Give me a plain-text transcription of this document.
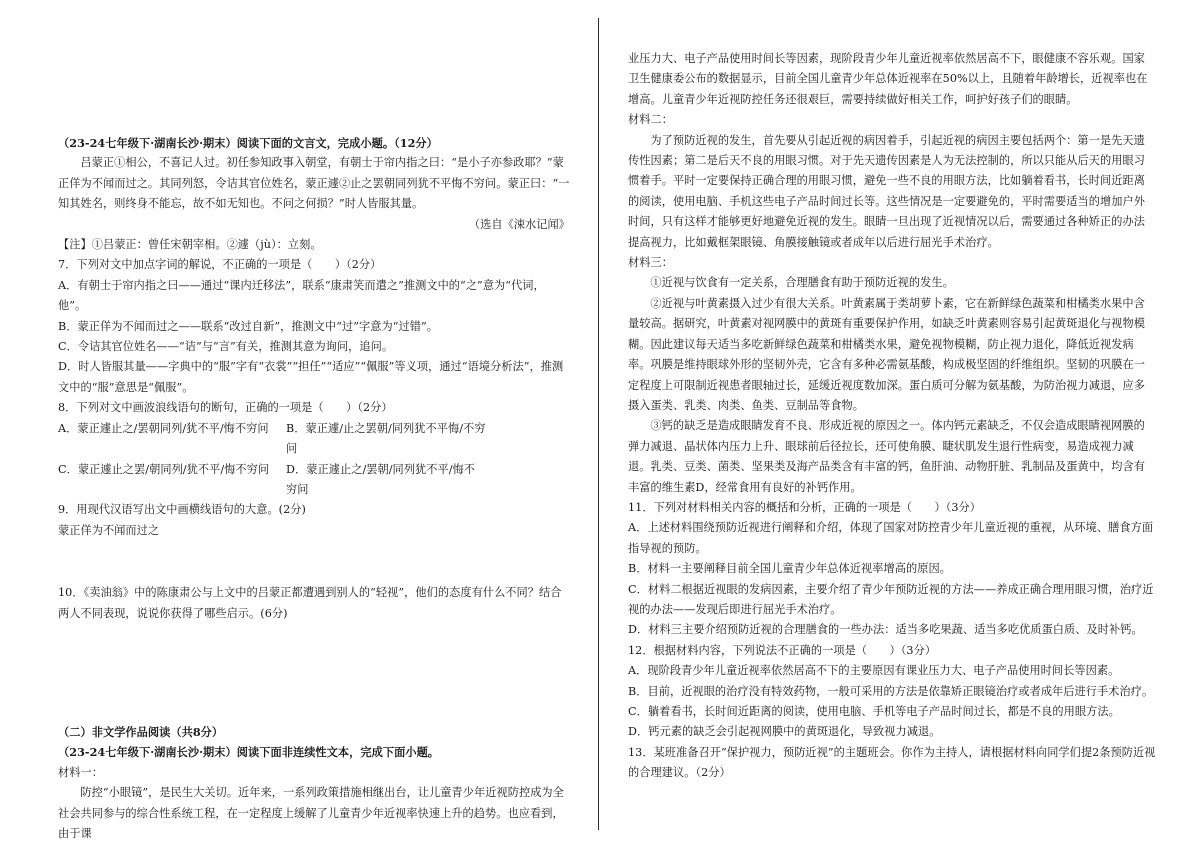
（23-24七年级下·湖南长沙·期末）阅读下面的文言文，完成小题。（12分）

吕蒙正①相公，不喜记人过。初任参知政事入朝堂，有朝士于帘内指之曰：“是小子亦参政耶？”蒙正佯为不闻而过之。其同列怒，令诘其官位姓名，蒙正遽②止之罢朝同列犹不平悔不穷问。蒙正曰：“一知其姓名，则终身不能忘，故不如无知也。不问之何损？”时人皆服其量。

（选自《涑水记闻》

【注】①吕蒙正：曾任宋朝宰相。②遽（jù）：立刻。

7．下列对文中加点字词的解说，不正确的一项是（　　）（2分）

A．有朝士于帘内指之曰——通过“课内迁移法”，联系“康肃笑而遣之”推测文中的“之”意为“代词，他”。

B．蒙正佯为不闻而过之——联系“改过自新”，推测文中“过”字意为“过错”。

C．令诘其官位姓名——“诘”与“言”有关，推测其意为询问，追问。

D．时人皆服其量——字典中的“服”字有“衣裳”“担任”“适应”“佩服”等义项，通过“语境分析法”，推测文中的“服”意思是“佩服”。

8．下列对文中画波浪线语句的断句，正确的一项是（　　）（2分）

A．蒙正遽止之/罢朝同列/犹不平/悔不穷问	B．蒙正遽/止之罢朝/同列犹不平悔/不穷问
C．蒙正遽止之罢/朝同列/犹不平/悔不穷问	D．蒙正遽止之/罢朝/同列犹不平/悔不穷问

9．用现代汉语写出文中画横线语句的大意。(2分)

蒙正佯为不闻而过之

10．《卖油翁》中的陈康肃公与上文中的吕蒙正都遭遇到别人的“轻视”，他们的态度有什么不同？结合两人不同表现，说说你获得了哪些启示。(6分)

（二）非文学作品阅读（共8分）

（23-24七年级下·湖南长沙·期末）阅读下面非连续性文本，完成下面小题。

材料一：

防控“小眼镜”，是民生大关切。近年来，一系列政策措施相继出台，让儿童青少年近视防控成为全社会共同参与的综合性系统工程，在一定程度上缓解了儿童青少年近视率快速上升的趋势。也应看到，由于课

业压力大、电子产品使用时间长等因素，现阶段青少年儿童近视率依然居高不下，眼健康不容乐观。国家卫生健康委公布的数据显示，目前全国儿童青少年总体近视率在50%以上，且随着年龄增长，近视率也在增高。儿童青少年近视防控任务还很艰巨，需要持续做好相关工作，呵护好孩子们的眼睛。

材料二：

为了预防近视的发生，首先要从引起近视的病因着手，引起近视的病因主要包括两个：第一是先天遗传性因素；第二是后天不良的用眼习惯。对于先天遗传因素是人为无法控制的，所以只能从后天的用眼习惯着手。平时一定要保持正确合理的用眼习惯，避免一些不良的用眼方法，比如躺着看书，长时间近距离的阅读，使用电脑、手机这些电子产品时间过长等。这些情况是一定要避免的，平时需要适当的增加户外时间，只有这样才能够更好地避免近视的发生。眼睛一旦出现了近视情况以后，需要通过各种矫正的办法提高视力，比如戴框架眼镜、角膜接触镜或者成年以后进行屈光手术治疗。

材料三：

①近视与饮食有一定关系，合理膳食有助于预防近视的发生。

②近视与叶黄素摄入过少有很大关系。叶黄素属于类胡萝卜素，它在新鲜绿色蔬菜和柑橘类水果中含量较高。据研究，叶黄素对视网膜中的黄斑有重要保护作用，如缺乏叶黄素则容易引起黄斑退化与视物模糊。因此建议每天适当多吃新鲜绿色蔬菜和柑橘类水果，避免视物模糊，防止视力退化，降低近视发病率。巩膜是维持眼球外形的坚韧外壳，它含有多种必需氨基酸，构成极坚固的纤维组织。坚韧的巩膜在一定程度上可限制近视患者眼轴过长，延缓近视度数加深。蛋白质可分解为氨基酸，为防治视力减退，应多摄入蛋类、乳类、肉类、鱼类、豆制品等食物。

③钙的缺乏是造成眼睛发育不良、形成近视的原因之一。体内钙元素缺乏，不仅会造成眼睛视网膜的弹力减退、晶状体内压力上升、眼球前后径拉长，还可使角膜、睫状肌发生退行性病变，易造成视力减退。乳类、豆类、菌类、坚果类及海产品类含有丰富的钙，鱼肝油、动物肝脏、乳制品及蛋黄中，均含有丰富的维生素D，经常食用有良好的补钙作用。

11．下列对材料相关内容的概括和分析，正确的一项是（　　）（3分）

A．上述材料围绕预防近视进行阐释和介绍，体现了国家对防控青少年儿童近视的重视，从环境、膳食方面指导视的预防。

B．材料一主要阐释目前全国儿童青少年总体近视率增高的原因。

C．材料二根据近视眼的发病因素，主要介绍了青少年预防近视的方法——养成正确合理用眼习惯，治疗近视的办法——发现后即进行屈光手术治疗。

D．材料三主要介绍预防近视的合理膳食的一些办法：适当多吃果蔬、适当多吃优质蛋白质、及时补钙。

12．根据材料内容，下列说法不正确的一项是（　　）（3分）

A．现阶段青少年儿童近视率依然居高不下的主要原因有课业压力大、电子产品使用时间长等因素。

B．目前，近视眼的治疗没有特效药物，一般可采用的方法是依靠矫正眼镜治疗或者成年后进行手术治疗。

C．躺着看书，长时间近距离的阅读，使用电脑、手机等电子产品时间过长，都是不良的用眼方法。

D．钙元素的缺乏会引起视网膜中的黄斑退化，导致视力减退。

13．某班准备召开“保护视力，预防近视”的主题班会。你作为主持人，请根据材料向同学们提2条预防近视的合理建议。（2分）
